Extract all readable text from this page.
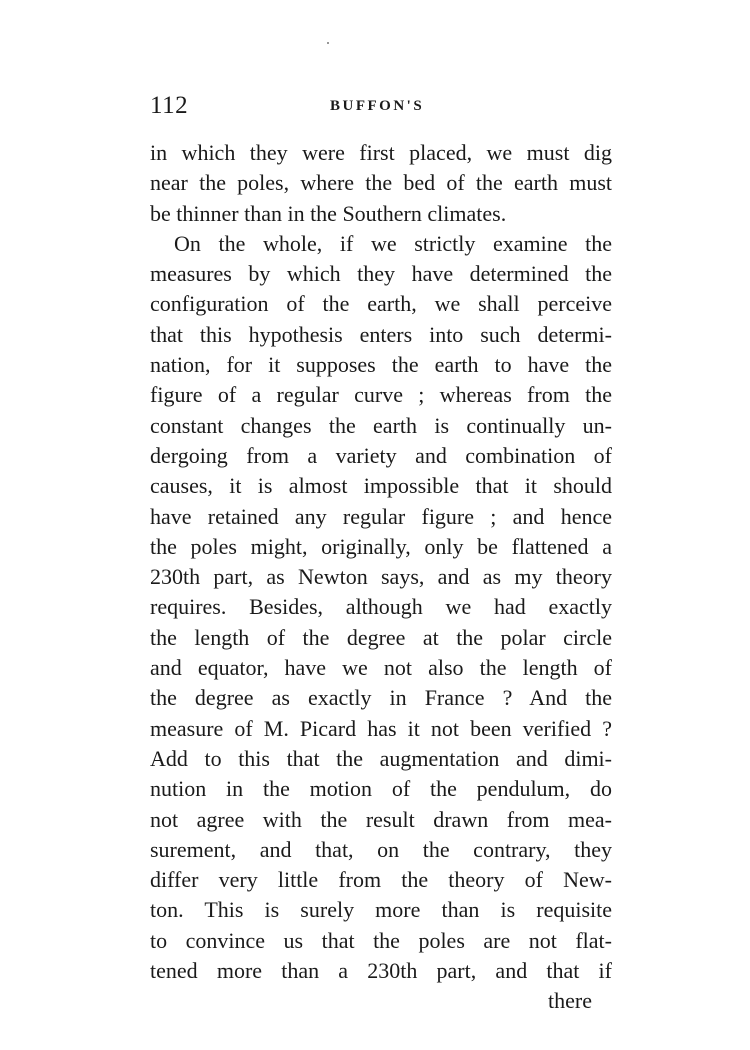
112	BUFFON'S
in which they were first placed, we must dig
near the poles, where the bed of the earth must
be thinner than in the Southern climates.
On the whole, if we strictly examine the
measures by which they have determined the
configuration of the earth, we shall perceive
that this hypothesis enters into such determi-
nation, for it supposes the earth to have the
figure of a regular curve ; whereas from the
constant changes the earth is continually un-
dergoing from a variety and combination of
causes, it is almost impossible that it should
have retained any regular figure ; and hence
the poles might, originally, only be flattened a
230th part, as Newton says, and as my theory
requires. Besides, although we had exactly
the length of the degree at the polar circle
and equator, have we not also the length of
the degree as exactly in France ? And the
measure of M. Picard has it not been verified ?
Add to this that the augmentation and dimi-
nution in the motion of the pendulum, do
not agree with the result drawn from mea-
surement, and that, on the contrary, they
differ very little from the theory of New-
ton. This is surely more than is requisite
to convince us that the poles are not flat-
tened more than a 230th part, and that if
there
